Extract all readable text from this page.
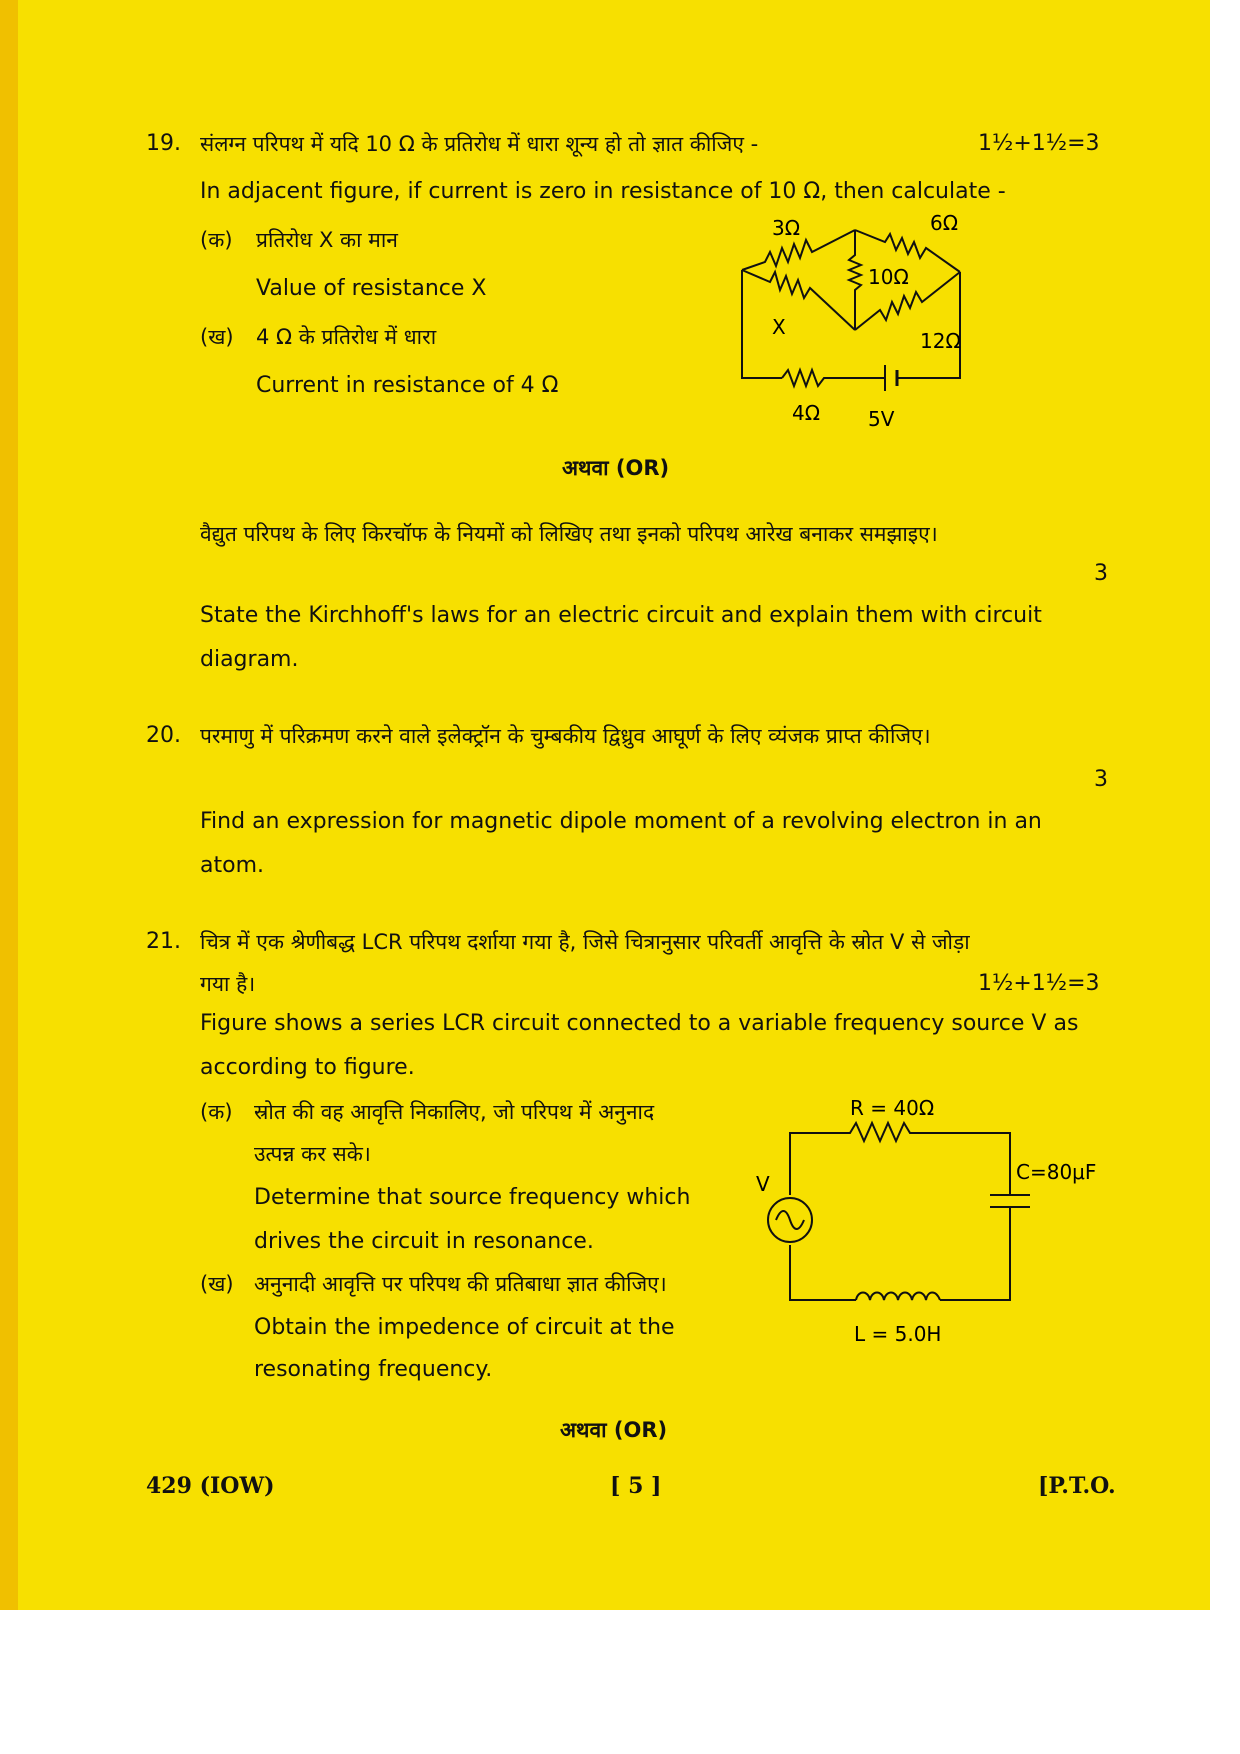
19. संलग्न परिपथ में यदि 10 Ω के प्रतिरोध में धारा शून्य हो तो ज्ञात कीजिए -	1½+1½=3
In adjacent figure, if current is zero in resistance of 10 Ω, then calculate -
(क) प्रतिरोध X का मान
Value of resistance X
(ख) 4 Ω के प्रतिरोध में धारा
Current in resistance of 4 Ω
3Ω	6Ω
10Ω
X
12Ω
4Ω 5V
अथवा (OR)
वैद्युत परिपथ के लिए किरचॉफ के नियमों को लिखिए तथा इनको परिपथ आरेख बनाकर समझाइए।
3
State the Kirchhoff's laws for an electric circuit and explain them with circuit
diagram.
20. परमाणु में परिक्रमण करने वाले इलेक्ट्रॉन के चुम्बकीय द्विध्रुव आघूर्ण के लिए व्यंजक प्राप्त कीजिए।
3
Find an expression for magnetic dipole moment of a revolving electron in an
atom.
21. चित्र में एक श्रेणीबद्ध LCR परिपथ दर्शाया गया है, जिसे चित्रानुसार परिवर्ती आवृत्ति के स्रोत V से जोड़ा
गया है।	1½+1½=3
Figure shows a series LCR circuit connected to a variable frequency source V as
according to figure.
(क) स्रोत की वह आवृत्ति निकालिए, जो परिपथ में अनुनाद
उत्पन्न कर सके।
Determine that source frequency which
drives the circuit in resonance.
(ख) अनुनादी आवृत्ति पर परिपथ की प्रतिबाधा ज्ञात कीजिए।
Obtain the impedence of circuit at the
resonating frequency.
R = 40Ω
C=80μF
V
L = 5.0H
अथवा (OR)
429 (IOW)	[ 5 ]	[P.T.O.
